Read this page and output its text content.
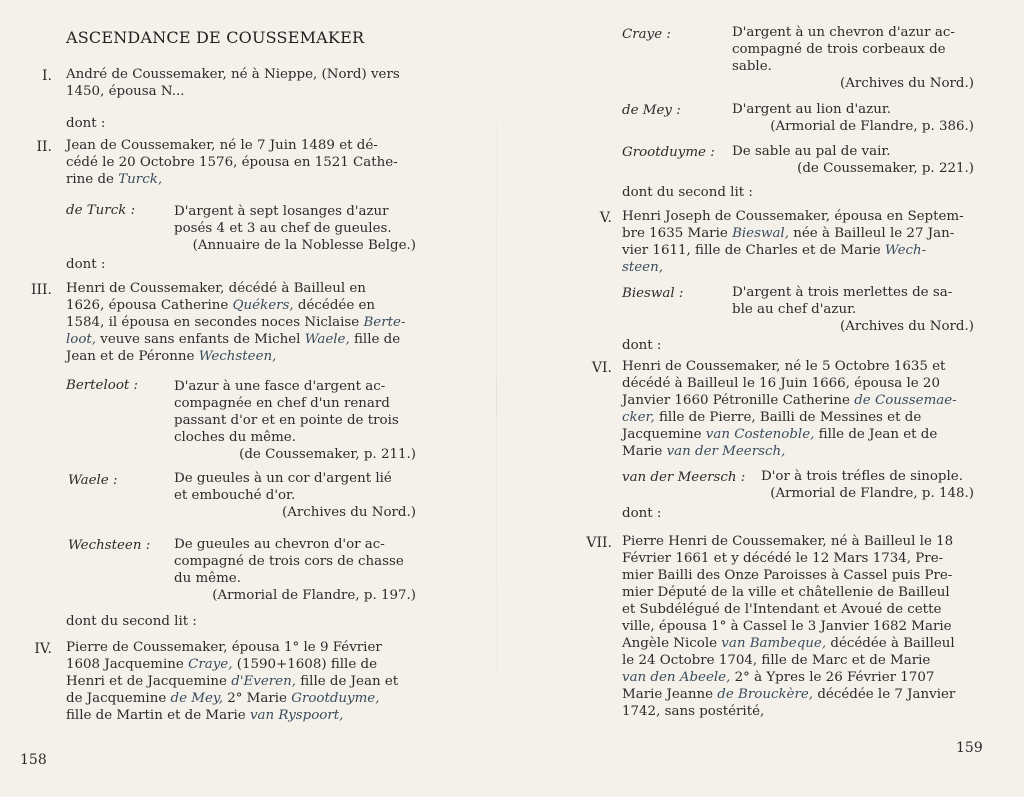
ASCENDANCE DE COUSSEMAKER
I. André de Coussemaker, né à Nieppe, (Nord) vers 1450, épousa N...
dont :
II. Jean de Coussemaker, né le 7 Juin 1489 et dé-
cédé le 20 Octobre 1576, épousa en 1521 Cathe-
rine de Turck,
de Turck :	D'argent à sept losanges d'azur
posés 4 et 3 au chef de gueules.
(Annuaire de la Noblesse Belge.)
dont :
III. Henri de Coussemaker, décédé à Bailleul en
1626, épousa Catherine Quékers, décédée en
1584, il épousa en secondes noces Niclaise Berte-
loot, veuve sans enfants de Michel Waele, fille de
Jean et de Péronne Wechsteen,
Berteloot :	D'azur à une fasce d'argent ac-
compagnée en chef d'un renard
passant d'or et en pointe de trois
cloches du même.
(de Coussemaker, p. 211.)
Waele :	De gueules à un cor d'argent lié
et embouché d'or.
(Archives du Nord.)
Wechsteen : De gueules au chevron d'or ac-
compagné de trois cors de chasse
du même.
(Armorial de Flandre, p. 197.)
dont du second lit :
IV. Pierre de Coussemaker, épousa 1° le 9 Février
1608 Jacquemine Craye, (1590+1608) fille de
Henri et de Jacquemine d'Everen, fille de Jean et
de Jacquemine de Mey, 2° Marie Grootduyme,
fille de Martin et de Marie van Ryspoort,
158
Craye :	D'argent à un chevron d'azur ac-
compagné de trois corbeaux de
sable.
(Archives du Nord.)
de Mey :	D'argent au lion d'azur.
(Armorial de Flandre, p. 386.)
Grootduyme : De sable au pal de vair.
(de Coussemaker, p. 221.)
dont du second lit :
V. Henri Joseph de Coussemaker, épousa en Septem-
bre 1635 Marie Bieswal, née à Bailleul le 27 Jan-
vier 1611, fille de Charles et de Marie Wech-
steen,
Bieswal :	D'argent à trois merlettes de sa-
ble au chef d'azur.
(Archives du Nord.)
dont :
VI. Henri de Coussemaker, né le 5 Octobre 1635 et
décédé à Bailleul le 16 Juin 1666, épousa le 20
Janvier 1660 Pétronille Catherine de Coussemae-
cker, fille de Pierre, Bailli de Messines et de
Jacquemine van Costenoble, fille de Jean et de
Marie van der Meersch,
van der Meersch : D'or à trois tréfles de sinople.
(Armorial de Flandre, p. 148.)
dont :
VII. Pierre Henri de Coussemaker, né à Bailleul le 18
Février 1661 et y décédé le 12 Mars 1734, Pre-
mier Bailli des Onze Paroisses à Cassel puis Pre-
mier Député de la ville et châtellenie de Bailleul
et Subdélégué de l'Intendant et Avoué de cette
ville, épousa 1° à Cassel le 3 Janvier 1682 Marie
Angèle Nicole van Bambeque, décédée à Bailleul
le 24 Octobre 1704, fille de Marc et de Marie
van den Abeele, 2° à Ypres le 26 Février 1707
Marie Jeanne de Brouckère, décédée le 7 Janvier
1742, sans postérité,
159
